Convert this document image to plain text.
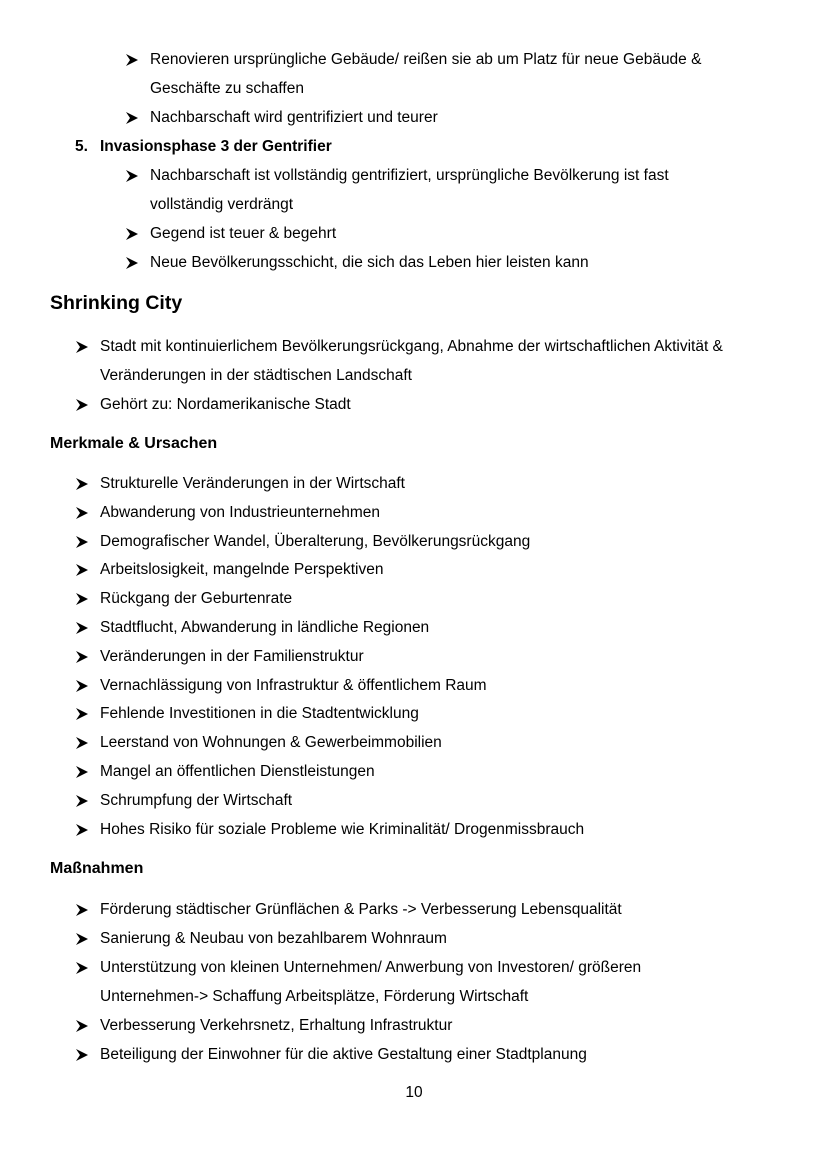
Renovieren ursprüngliche Gebäude/ reißen sie ab um Platz für neue Gebäude &
Geschäfte zu schaffen
Nachbarschaft wird gentrifiziert und teurer
5. Invasionsphase 3 der Gentrifier
Nachbarschaft ist vollständig gentrifiziert, ursprüngliche Bevölkerung ist fast
vollständig verdrängt
Gegend ist teuer & begehrt
Neue Bevölkerungsschicht, die sich das Leben hier leisten kann
Shrinking City
Stadt mit kontinuierlichem Bevölkerungsrückgang, Abnahme der wirtschaftlichen Aktivität &
Veränderungen in der städtischen Landschaft
Gehört zu: Nordamerikanische Stadt
Merkmale & Ursachen
Strukturelle Veränderungen in der Wirtschaft
Abwanderung von Industrieunternehmen
Demografischer Wandel, Überalterung, Bevölkerungsrückgang
Arbeitslosigkeit, mangelnde Perspektiven
Rückgang der Geburtenrate
Stadtflucht, Abwanderung in ländliche Regionen
Veränderungen in der Familienstruktur
Vernachlässigung von Infrastruktur & öffentlichem Raum
Fehlende Investitionen in die Stadtentwicklung
Leerstand von Wohnungen & Gewerbeimmobilien
Mangel an öffentlichen Dienstleistungen
Schrumpfung der Wirtschaft
Hohes Risiko für soziale Probleme wie Kriminalität/ Drogenmissbrauch
Maßnahmen
Förderung städtischer Grünflächen & Parks -> Verbesserung Lebensqualität
Sanierung & Neubau von bezahlbarem Wohnraum
Unterstützung von kleinen Unternehmen/ Anwerbung von Investoren/ größeren
Unternehmen-> Schaffung Arbeitsplätze, Förderung Wirtschaft
Verbesserung Verkehrsnetz, Erhaltung Infrastruktur
Beteiligung der Einwohner für die aktive Gestaltung einer Stadtplanung
10
